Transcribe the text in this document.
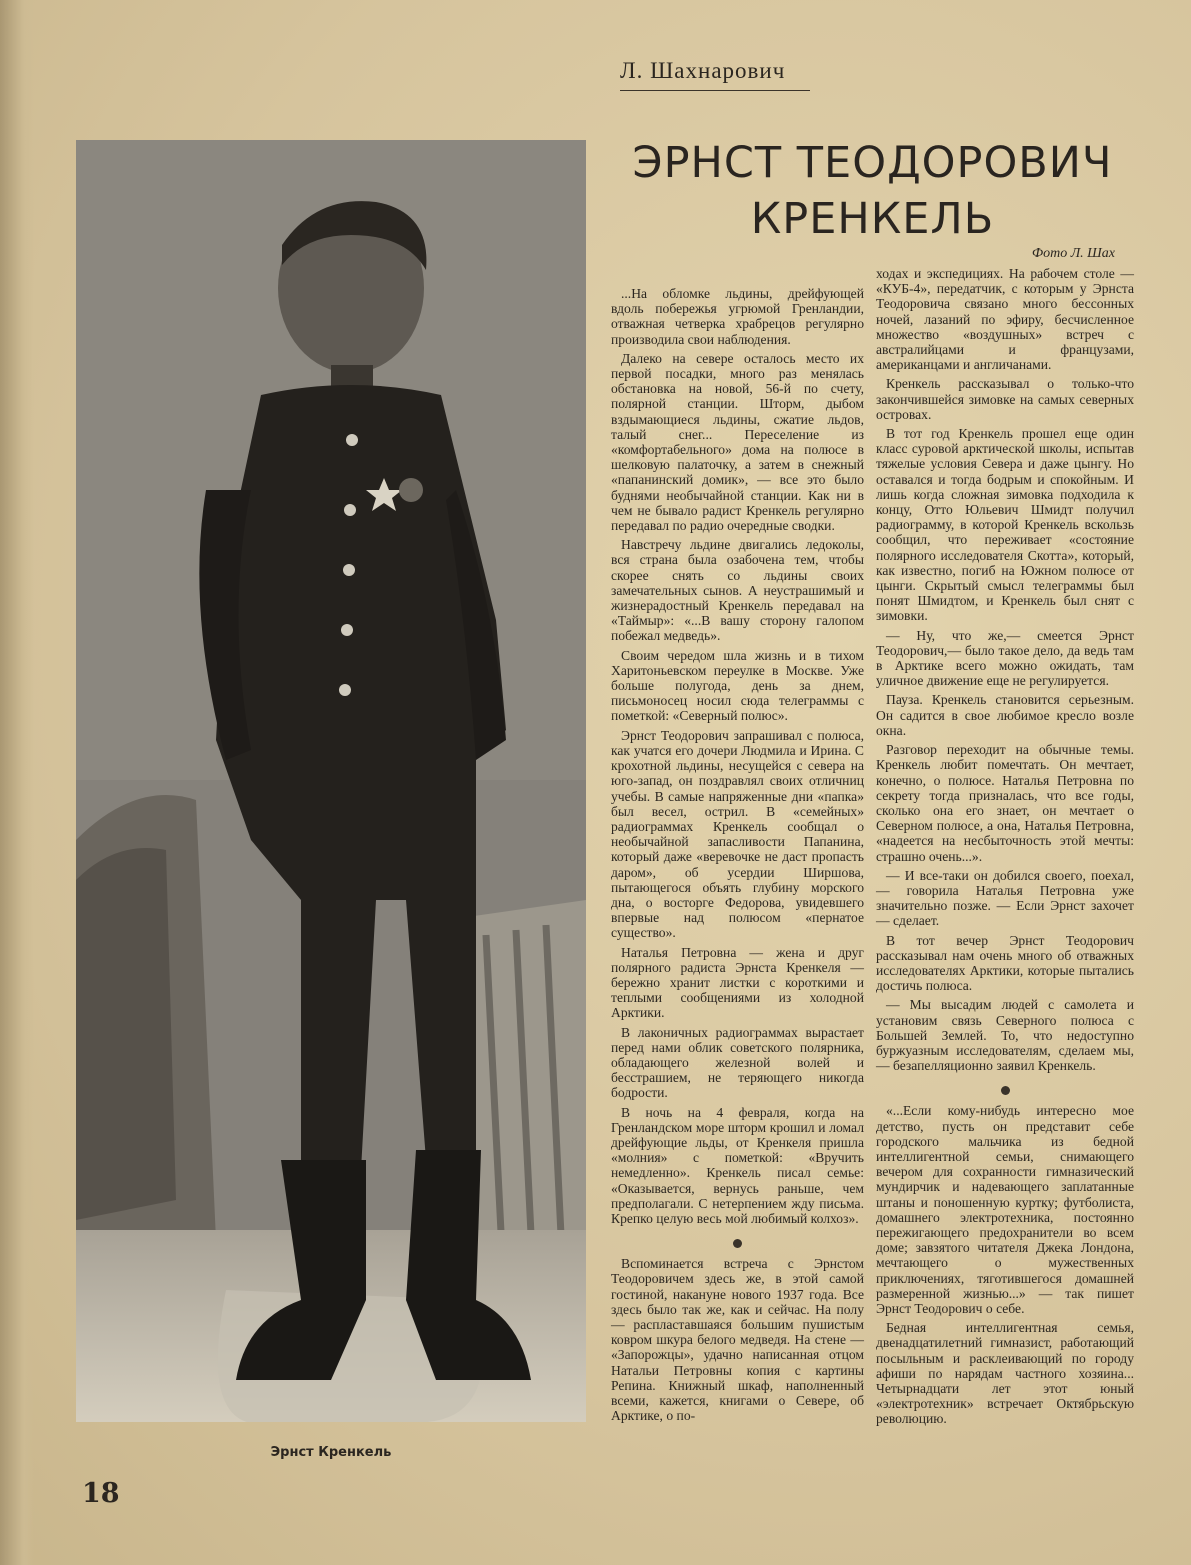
Л. Шахнарович
ЭРНСТ ТЕОДОРОВИЧ
КРЕНКЕЛЬ
Фото Л. Шах
Эрнст Кренкель
18

...На обломке льдины, дрейфующей вдоль побережья угрюмой Гренландии, отважная четверка храбрецов регулярно производила свои наблюдения.

Далеко на севере осталось место их первой посадки, много раз менялась обстановка на новой, 56-й по счету, полярной станции. Шторм, дыбом вздымающиеся льдины, сжатие льдов, талый снег... Переселение из «комфортабельного» дома на полюсе в шелковую палаточку, а затем в снежный «папанинский домик», — все это было буднями необычайной станции. Как ни в чем не бывало радист Кренкель регулярно передавал по радио очередные сводки.

Навстречу льдине двигались ледоколы, вся страна была озабочена тем, чтобы скорее снять со льдины своих замечательных сынов. А неустрашимый и жизнерадостный Кренкель передавал на «Таймыр»: «...В вашу сторону галопом побежал медведь».

Своим чередом шла жизнь и в тихом Харитоньевском переулке в Москве. Уже больше полугода, день за днем, письмоносец носил сюда телеграммы с пометкой: «Северный полюс».

Эрнст Теодорович запрашивал с полюса, как учатся его дочери Людмила и Ирина. С крохотной льдины, несущейся с севера на юго-запад, он поздравлял своих отличниц учебы. В самые напряженные дни «папка» был весел, острил. В «семейных» радиограммах Кренкель сообщал о необычайной запасливости Папанина, который даже «веревочке не даст пропасть даром», об усердии Ширшова, пытающегося объять глубину морского дна, о восторге Федорова, увидевшего впервые над полюсом «пернатое существо».

Наталья Петровна — жена и друг полярного радиста Эрнста Кренкеля — бережно хранит листки с короткими и теплыми сообщениями из холодной Арктики.

В лаконичных радиограммах вырастает перед нами облик советского полярника, обладающего железной волей и бесстрашием, не теряющего никогда бодрости.

В ночь на 4 февраля, когда на Гренландском море шторм крошил и ломал дрейфующие льды, от Кренкеля пришла «молния» с пометкой: «Вручить немедленно». Кренкель писал семье: «Оказывается, вернусь раньше, чем предполагали. С нетерпением жду письма. Крепко целую весь мой любимый колхоз».

Вспоминается встреча с Эрнстом Теодоровичем здесь же, в этой самой гостиной, накануне нового 1937 года. Все здесь было так же, как и сейчас. На полу — распластавшаяся большим пушистым ковром шкура белого медведя. На стене — «Запорожцы», удачно написанная отцом Натальи Петровны копия с картины Репина. Книжный шкаф, наполненный всеми, кажется, книгами о Севере, об Арктике, о по-

ходах и экспедициях. На рабочем столе — «КУБ-4», передатчик, с которым у Эрнста Теодоровича связано много бессонных ночей, лазаний по эфиру, бесчисленное множество «воздушных» встреч с австралийцами и французами, американцами и англичанами.

Кренкель рассказывал о только-что закончившейся зимовке на самых северных островах.

В тот год Кренкель прошел еще один класс суровой арктической школы, испытав тяжелые условия Севера и даже цынгу. Но оставался и тогда бодрым и спокойным. И лишь когда сложная зимовка подходила к концу, Отто Юльевич Шмидт получил радиограмму, в которой Кренкель вскользь сообщил, что переживает «состояние полярного исследователя Скотта», который, как известно, погиб на Южном полюсе от цынги. Скрытый смысл телеграммы был понят Шмидтом, и Кренкель был снят с зимовки.

— Ну, что же,— смеется Эрнст Теодорович,— было такое дело, да ведь там в Арктике всего можно ожидать, там уличное движение еще не регулируется.

Пауза. Кренкель становится серьезным. Он садится в свое любимое кресло возле окна.

Разговор переходит на обычные темы. Кренкель любит помечтать. Он мечтает, конечно, о полюсе. Наталья Петровна по секрету тогда призналась, что все годы, сколько она его знает, он мечтает о Северном полюсе, а она, Наталья Петровна, «надеется на несбыточность этой мечты: страшно очень...».

— И все-таки он добился своего, поехал,— говорила Наталья Петровна уже значительно позже. — Если Эрнст захочет — сделает.

В тот вечер Эрнст Теодорович рассказывал нам очень много об отважных исследователях Арктики, которые пытались достичь полюса.

— Мы высадим людей с самолета и установим связь Северного полюса с Большей Землей. То, что недоступно буржуазным исследователям, сделаем мы,— безапелляционно заявил Кренкель.

«...Если кому-нибудь интересно мое детство, пусть он представит себе городского мальчика из бедной интеллигентной семьи, снимающего вечером для сохранности гимназический мундирчик и надевающего заплатанные штаны и поношенную куртку; футболиста, домашнего электротехника, постоянно пережигающего предохранители во всем доме; завзятого читателя Джека Лондона, мечтающего о мужественных приключениях, тяготившегося домашней размеренной жизнью...» — так пишет Эрнст Теодорович о себе.

Бедная интеллигентная семья, двенадцатилетний гимназист, работающий посыльным и расклеивающий по городу афиши по нарядам частного хозяина... Четырнадцати лет этот юный «электротехник» встречает Октябрьскую революцию.
